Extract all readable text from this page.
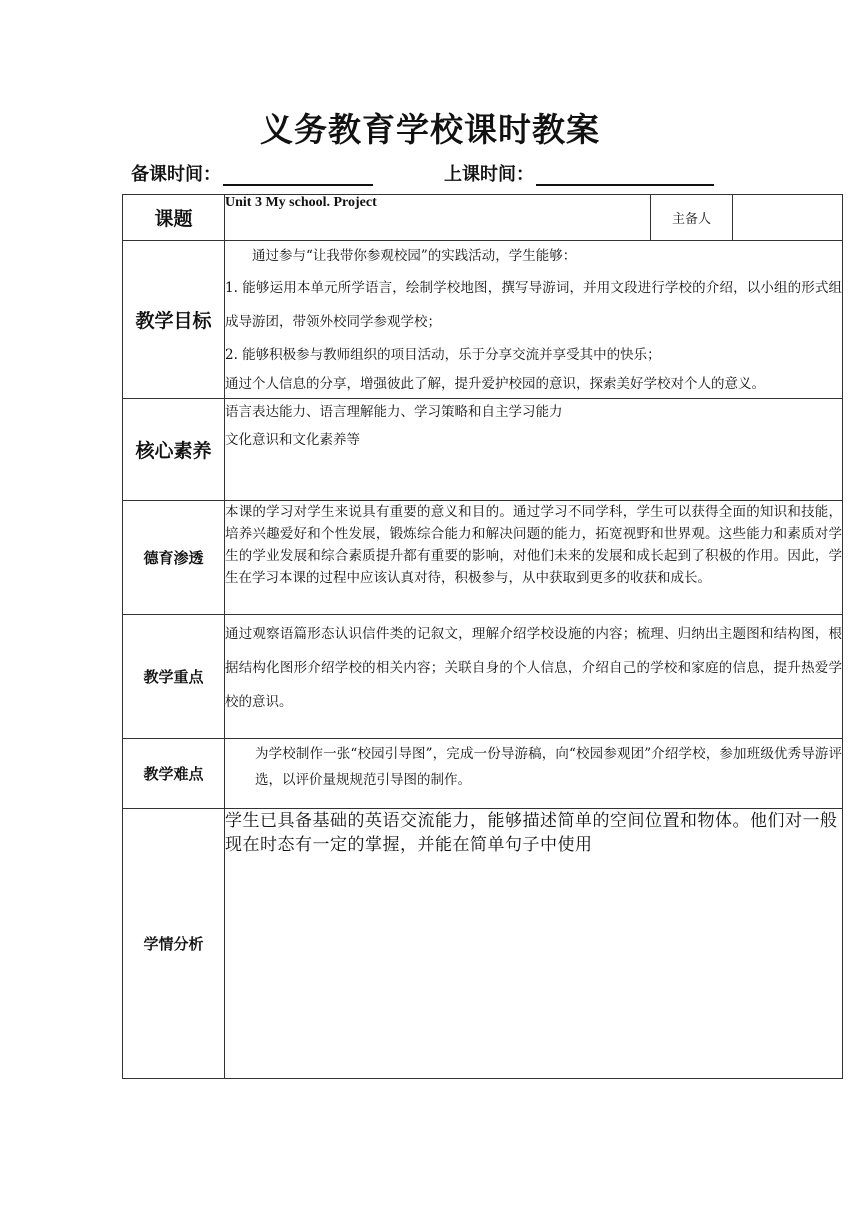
义务教育学校课时教案
备课时间：	上课时间：
课题	Unit 3 My school. Project	主备人	
教学目标	通过参与“让我带你参观校园”的实践活动，学生能够：

1. 能够运用本单元所学语言，绘制学校地图，撰写导游词，并用文段进行学校的介绍，以小组的形式组成导游团，带领外校同学参观学校；

2. 能够积极参与教师组织的项目活动，乐于分享交流并享受其中的快乐；

通过个人信息的分享，增强彼此了解，提升爱护校园的意识，探索美好学校对个人的意义。		

核心素养	语言表达能力、语言理解能力、学习策略和自主学习能力

文化意识和文化素养等		

德育渗透	本课的学习对学生来说具有重要的意义和目的。通过学习不同学科，学生可以获得全面的知识和技能，培养兴趣爱好和个性发展，锻炼综合能力和解决问题的能力，拓宽视野和世界观。这些能力和素质对学生的学业发展和综合素质提升都有重要的影响，对他们未来的发展和成长起到了积极的作用。因此，学生在学习本课的过程中应该认真对待，积极参与，从中获取到更多的收获和成长。		

教学重点	通过观察语篇形态认识信件类的记叙文，理解介绍学校设施的内容；梳理、归纳出主题图和结构图，根据结构化图形介绍学校的相关内容；关联自身的个人信息，介绍自己的学校和家庭的信息，提升热爱学校的意识。		

教学难点	为学校制作一张“校园引导图”，完成一份导游稿，向“校园参观团”介绍学校，参加班级优秀导游评选，以评价量规规范引导图的制作。		

学情分析	学生已具备基础的英语交流能力，能够描述简单的空间位置和物体。他们对一般现在时态有一定的掌握，并能在简单句子中使用		
